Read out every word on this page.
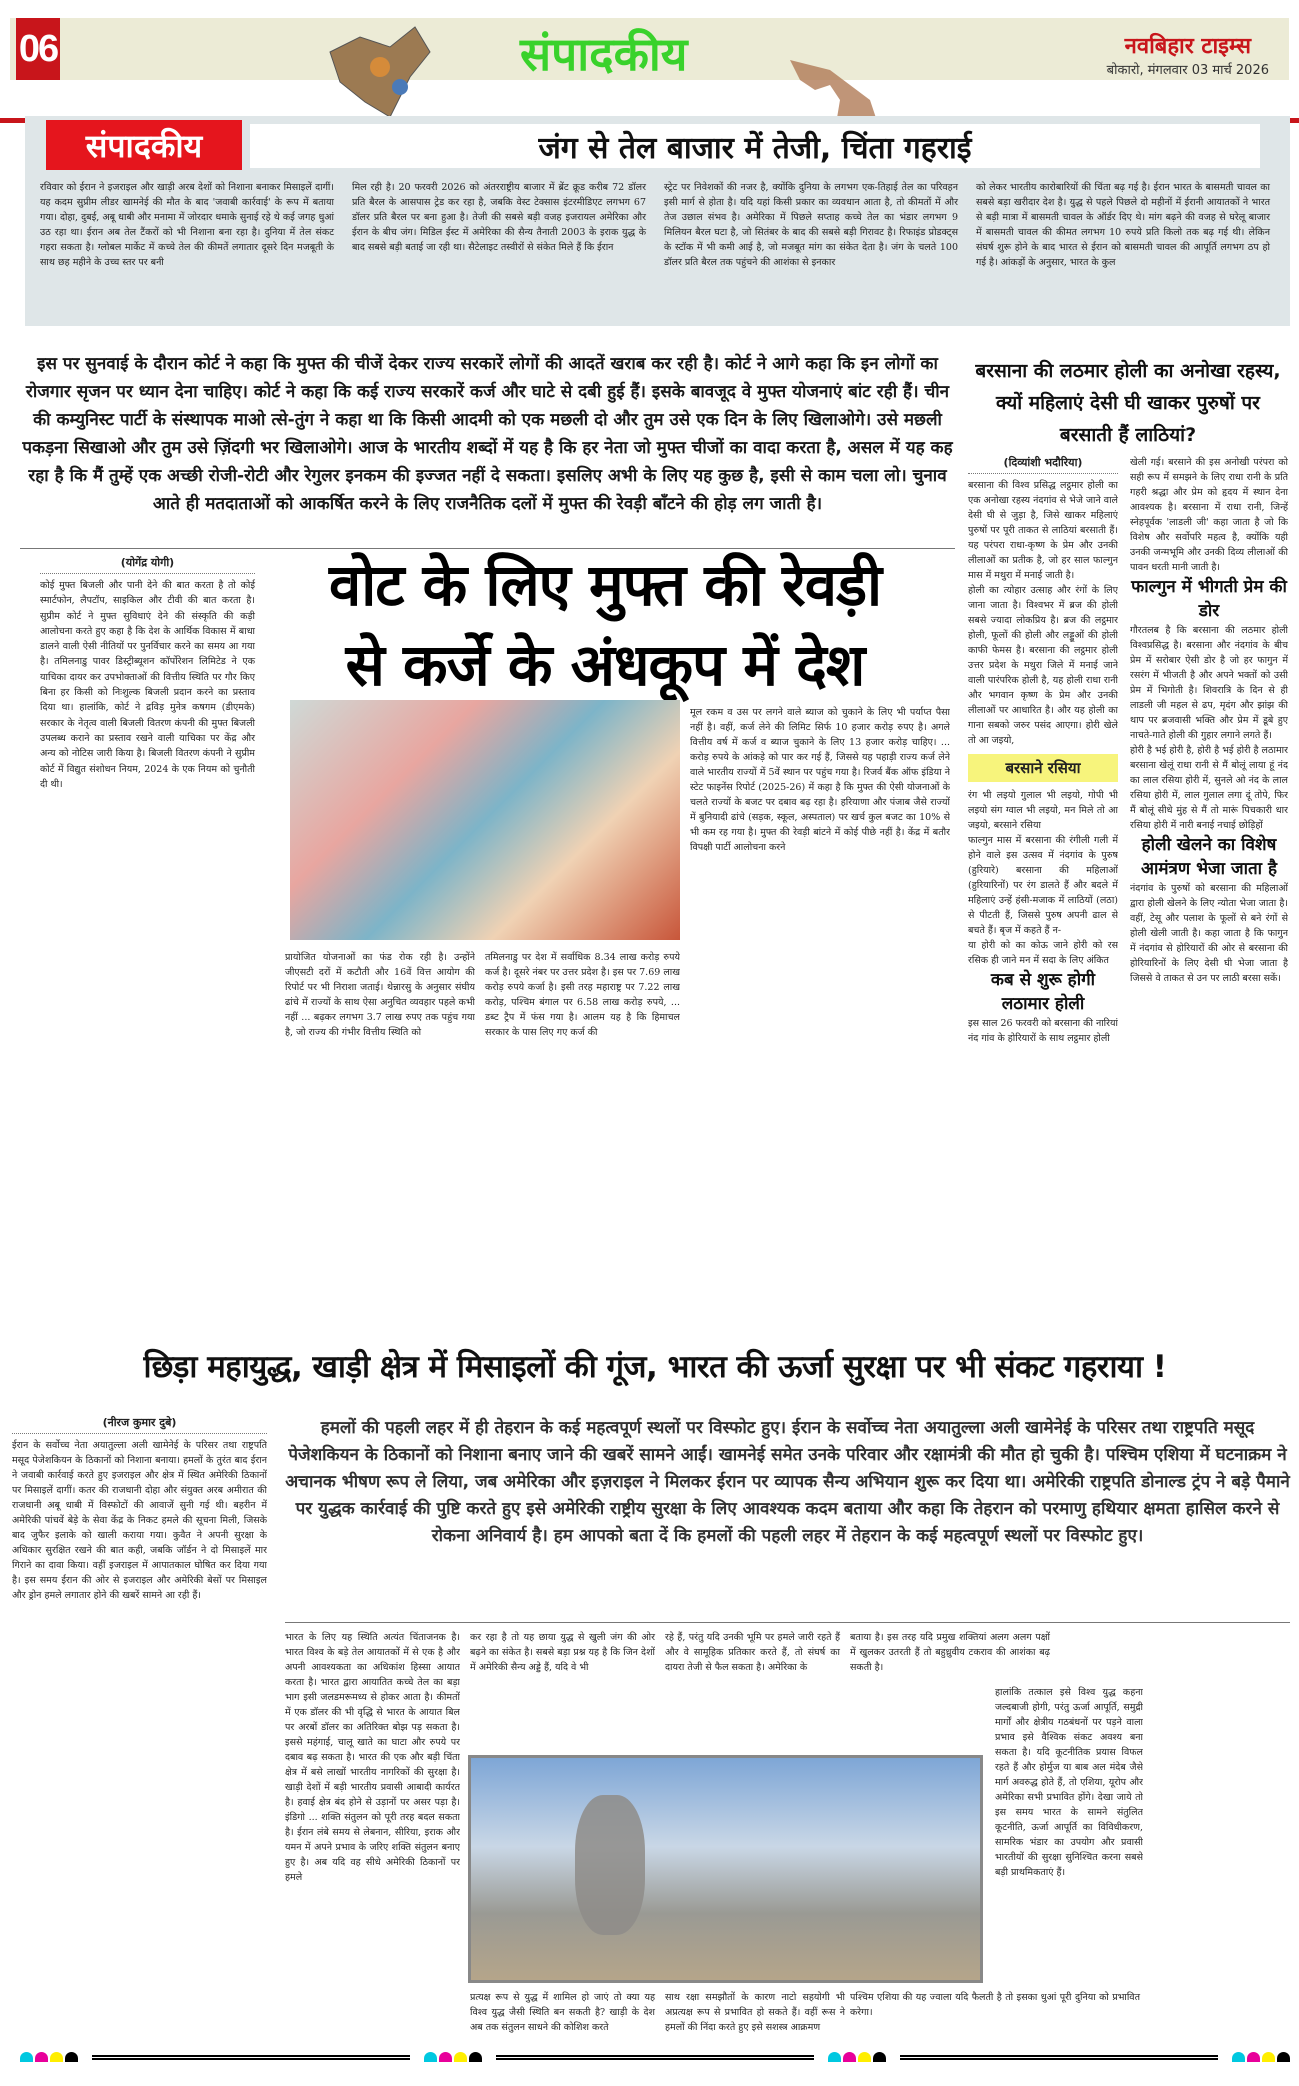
06	संपादकीय	नवबिहार टाइम्स
बोकारो, मंगलवार 03 मार्च 2026
संपादकीय	जंग से तेल बाजार में तेजी, चिंता गहराई
रविवार को ईरान ने इजराइल और खाड़ी अरब देशों को निशाना बनाकर मिसाइलें दागीं। यह कदम सुप्रीम लीडर खामनेई की मौत के बाद 'जवाबी कार्रवाई' के रूप में बताया गया। दोहा, दुबई, अबू धाबी और मनामा में जोरदार धमाके सुनाई रहे थे कई जगह धुआं उठ रहा था। ईरान अब तेल टैंकरों को भी निशाना बना रहा है। दुनिया में तेल संकट गहरा सकता है। ग्लोबल मार्केट में कच्चे तेल की कीमतें लगातार दूसरे दिन मजबूती के साथ छह महीने के उच्च स्तर पर बनी
मिल रही है। 20 फरवरी 2026 को अंतरराष्ट्रीय बाजार में ब्रेंट क्रूड करीब 72 डॉलर प्रति बैरल के आसपास ट्रेड कर रहा है, जबकि वेस्ट टेक्सास इंटरमीडिएट लगभग 67 डॉलर प्रति बैरल पर बना हुआ है। तेजी की सबसे बड़ी वजह इजरायल अमेरिका और ईरान के बीच जंग। मिडिल ईस्ट में अमेरिका की सैन्य तैनाती 2003 के इराक युद्ध के बाद सबसे बड़ी बताई जा रही था। सैटेलाइट तस्वीरों से संकेत मिले हैं कि ईरान
स्ट्रेट पर निवेशकों की नजर है, क्योंकि दुनिया के लगभग एक-तिहाई तेल का परिवहन इसी मार्ग से होता है। यदि यहां किसी प्रकार का व्यवधान आता है, तो कीमतों में और तेज उछाल संभव है। अमेरिका में पिछले सप्ताह कच्चे तेल का भंडार लगभग 9 मिलियन बैरल घटा है, जो सितंबर के बाद की सबसे बड़ी गिरावट है। रिफाइंड प्रोडक्ट्स के स्टॉक में भी कमी आई है, जो मजबूत मांग का संकेत देता है। जंग के चलते 100 डॉलर प्रति बैरल तक पहुंचने की आशंका से इनकार
को लेकर भारतीय कारोबारियों की चिंता बढ़ गई है। ईरान भारत के बासमती चावल का सबसे बड़ा खरीदार देश है। युद्ध से पहले पिछले दो महीनों में ईरानी आयातकों ने भारत से बड़ी मात्रा में बासमती चावल के ऑर्डर दिए थे। मांग बढ़ने की वजह से घरेलू बाजार में बासमती चावल की कीमत लगभग 10 रुपये प्रति किलो तक बढ़ गई थी। लेकिन संघर्ष शुरू होने के बाद भारत से ईरान को बासमती चावल की आपूर्ति लगभग ठप हो गई है। आंकड़ों के अनुसार, भारत के कुल
इस पर सुनवाई के दौरान कोर्ट ने कहा कि मुफ्त की चीजें देकर राज्य सरकारें लोगों की आदतें खराब कर रही है। कोर्ट ने आगे कहा कि इन लोगों का रोजगार सृजन पर ध्यान देना चाहिए। कोर्ट ने कहा कि कई राज्य सरकारें कर्ज और घाटे से दबी हुई हैं। इसके बावजूद वे मुफ्त योजनाएं बांट रही हैं। चीन की कम्युनिस्ट पार्टी के संस्थापक माओ त्से-तुंग ने कहा था कि किसी आदमी को एक मछली दो और तुम उसे एक दिन के लिए खिलाओगे। उसे मछली पकड़ना सिखाओ और तुम उसे ज़िंदगी भर खिलाओगे। आज के भारतीय शब्दों में यह है कि हर नेता जो मुफ्त चीजों का वादा करता है, असल में यह कह रहा है कि मैं तुम्हें एक अच्छी रोजी-रोटी और रेगुलर इनकम की इज्जत नहीं दे सकता। इसलिए अभी के लिए यह कुछ है, इसी से काम चला लो। चुनाव आते ही मतदाताओं को आकर्षित करने के लिए राजनैतिक दलों में मुफ्त की रेवड़ी बाँटने की होड़ लग जाती है।
(योगेंद्र योगी)
कोई मुफ्त बिजली और पानी देने की बात करता है तो कोई स्मार्टफोन, लैपटॉप, साइकिल और टीवी की बात करता है। सुप्रीम कोर्ट ने मुफ्त सुविधाएं देने की संस्कृति की कड़ी आलोचना करते हुए कहा है कि देश के आर्थिक विकास में बाधा डालने वाली ऐसी नीतियों पर पुनर्विचार करने का समय आ गया है। तमिलनाडु पावर डिस्ट्रीब्यूशन कॉर्पोरेशन लिमिटेड ने एक याचिका दायर कर उपभोक्ताओं की वित्तीय स्थिति पर गौर किए बिना हर किसी को निःशुल्क बिजली प्रदान करने का प्रस्ताव दिया था। हालांकि, कोर्ट ने द्रविड़ मुनेत्र कषगम (डीएमके) सरकार के नेतृत्व वाली बिजली वितरण कंपनी की मुफ्त बिजली उपलब्ध कराने का प्रस्ताव रखने वाली याचिका पर केंद्र और अन्य को नोटिस जारी किया है। बिजली वितरण कंपनी ने सुप्रीम कोर्ट में विद्युत संशोधन नियम, 2024 के एक नियम को चुनौती दी थी।
वोट के लिए मुफ्त की रेवड़ी
से कर्जे के अंधकूप में देश
मूल रकम व उस पर लगने वाले ब्याज को चुकाने के लिए भी पर्याप्त पैसा नहीं है। वहीं, कर्ज लेने की लिमिट सिर्फ 10 हजार करोड़ रुपए है। अगले वित्तीय वर्ष में कर्ज व ब्याज चुकाने के लिए 13 हजार करोड़ चाहिए। ... करोड़ रुपये के आंकड़े को पार कर गई हैं, जिससे यह पहाड़ी राज्य कर्ज लेने वाले भारतीय राज्यों में 5वें स्थान पर पहुंच गया है। रिजर्व बैंक ऑफ इंडिया ने स्टेट फाइनेंस रिपोर्ट (2025-26) में कहा है कि मुफ्त की ऐसी योजनाओं के चलते राज्यों के बजट पर दबाव बढ़ रहा है। हरियाणा और पंजाब जैसे राज्यों में बुनियादी ढांचे (सड़क, स्कूल, अस्पताल) पर खर्च कुल बजट का 10% से भी कम रह गया है। मुफ्त की रेवड़ी बांटने में कोई पीछे नहीं है। केंद्र में बतौर विपक्षी पार्टी आलोचना करने
प्रायोजित योजनाओं का फंड रोक रही है। उन्होंने जीएसटी दरों में कटौती और 16वें वित्त आयोग की रिपोर्ट पर भी निराशा जताई। थेन्नारसु के अनुसार संघीय ढांचे में राज्यों के साथ ऐसा अनुचित व्यवहार पहले कभी नहीं ... बढ़कर लगभग 3.7 लाख रुपए तक पहुंच गया है, जो राज्य की गंभीर वित्तीय स्थिति को
तमिलनाडु पर देश में सर्वाधिक 8.34 लाख करोड़ रुपये कर्ज है। दूसरे नंबर पर उत्तर प्रदेश है। इस पर 7.69 लाख करोड़ रुपये कर्जा है। इसी तरह महाराष्ट्र पर 7.22 लाख करोड़, पश्चिम बंगाल पर 6.58 लाख करोड़ रुपये, ... डब्ट ट्रैप में फंस गया है। आलम यह है कि हिमाचल सरकार के पास लिए गए कर्ज की
बरसाना की लठमार होली का अनोखा रहस्य, क्यों महिलाएं देसी घी खाकर पुरुषों पर बरसाती हैं लाठियां?
(दिव्यांशी भदौरिया)
बरसाना की विश्व प्रसिद्ध लट्ठमार होली का एक अनोखा रहस्य नंदगांव से भेजे जाने वाले देसी घी से जुड़ा है, जिसे खाकर महिलाएं पुरुषों पर पूरी ताकत से लाठियां बरसाती हैं। यह परंपरा राधा-कृष्ण के प्रेम और उनकी लीलाओं का प्रतीक है, जो हर साल फाल्गुन मास में मथुरा में मनाई जाती है।
होली का त्योहार उत्साह और रंगों के लिए जाना जाता है। विश्वभर में ब्रज की होली सबसे ज्यादा लोकप्रिय है। ब्रज की लट्ठमार होली, फूलों की होली और लड्डूओं की होली काफी फेमस है। बरसाना की लट्ठमार होली उत्तर प्रदेश के मथुरा जिले में मनाई जाने वाली पारंपरिक होली है, यह होली राधा रानी और भगवान कृष्ण के प्रेम और उनकी लीलाओं पर आधारित है। और यह होली का गाना सबको जरुर पसंद आएगा। होरी खेले तो आ जइयो,
बरसाने रसिया
रंग भी लइयो गुलाल भी लइयो, गोपी भी लइयो संग ग्वाल भी लइयो, मन मिले तो आ जइयो, बरसाने रसिया
फाल्गुन मास में बरसाना की रंगीली गली में होने वाले इस उत्सव में नंदगांव के पुरुष (हुरियारे) बरसाना की महिलाओं (हुरियारिनों) पर रंग डालते हैं और बदले में महिलाएं उन्हें हंसी-मजाक में लाठियों (लठा) से पीटती हैं, जिससे पुरुष अपनी ढाल से बचते हैं। बृज में कहते हैं न-
या होरी को का कोऊ जाने होरी को रस रसिक ही जाने मन में सदा के लिए अंकित
कब से शुरू होगी लठामार होली
इस साल 26 फरवरी को बरसाना की नारियां नंद गांव के होरियारों के साथ लट्ठमार होली
खेली गई। बरसाने की इस अनोखी परंपरा को सही रूप में समझने के लिए राधा रानी के प्रति गहरी श्रद्धा और प्रेम को हृदय में स्थान देना आवश्यक है। बरसाना में राधा रानी, जिन्हें स्नेहपूर्वक 'लाडली जी' कहा जाता है जो कि विशेष और सर्वोपरि महत्व है, क्योंकि यही उनकी जन्मभूमि और उनकी दिव्य लीलाओं की पावन धरती मानी जाती है।
फाल्गुन में भीगती प्रेम की डोर
गौरतलब है कि बरसाना की लठमार होली विश्वप्रसिद्ध है। बरसाना और नंदगांव के बीच प्रेम में सरोबार ऐसी डोर है जो हर फागुन में रसरंग में भीजती है और अपने भक्तों को उसी प्रेम में भिगोती है। शिवरात्रि के दिन से ही लाडली जी महल से ढप, मृदंग और झांझ की थाप पर ब्रजवासी भक्ति और प्रेम में डूबे हुए नाचते-गाते होली की गुहार लगाने लगते हैं।
होरी है भई होरी है, होरी है भई होरी है लठामार बरसाना खेलूं राधा रानी से मैं बोलूं लाया हूं नंद का लाल रसिया होरी में, सुनले ओ नंद के लाल रसिया होरी में, लाल गुलाल लगा दूं तोपे, फिर मैं बोलूं सीधे मुंह से मैं तो मारूं पिचकारी धार रसिया होरी में नारी बनाई नचाई छोड़िहों
होली खेलने का विशेष आमंत्रण भेजा जाता है
नंदगांव के पुरुषों को बरसाना की महिलाओं द्वारा होली खेलने के लिए न्योता भेजा जाता है। वहीं, टेसू और पलाश के फूलों से बने रंगों से होली खेली जाती है। कहा जाता है कि फागुन में नंदगांव से होरियारों की ओर से बरसाना की होरियारिनों के लिए देसी घी भेजा जाता है जिससे वे ताकत से उन पर लाठी बरसा सकें।
छिड़ा महायुद्ध, खाड़ी क्षेत्र में मिसाइलों की गूंज, भारत की ऊर्जा सुरक्षा पर भी संकट गहराया !
(नीरज कुमार दुबे)
ईरान के सर्वोच्च नेता अयातुल्ला अली खामेनेई के परिसर तथा राष्ट्रपति मसूद पेजेशकियन के ठिकानों को निशाना बनाया। हमलों के तुरंत बाद ईरान ने जवाबी कार्रवाई करते हुए इजराइल और क्षेत्र में स्थित अमेरिकी ठिकानों पर मिसाइलें दागीं। कतर की राजधानी दोहा और संयुक्त अरब अमीरात की राजधानी अबू धाबी में विस्फोटों की आवाजें सुनी गई थी। बहरीन में अमेरिकी पांचवें बेड़े के सेवा केंद्र के निकट हमले की सूचना मिली, जिसके बाद जुफैर इलाके को खाली कराया गया। कुवैत ने अपनी सुरक्षा के अधिकार सुरक्षित रखने की बात कही, जबकि जॉर्डन ने दो मिसाइलें मार गिराने का दावा किया। वहीं इजराइल में आपातकाल घोषित कर दिया गया है। इस समय ईरान की ओर से इजराइल और अमेरिकी बेसों पर मिसाइल और ड्रोन हमले लगातार होने की खबरें सामने आ रही हैं।
हमलों की पहली लहर में ही तेहरान के कई महत्वपूर्ण स्थलों पर विस्फोट हुए। ईरान के सर्वोच्च नेता अयातुल्ला अली खामेनेई के परिसर तथा राष्ट्रपति मसूद पेजेशकियन के ठिकानों को निशाना बनाए जाने की खबरें सामने आईं। खामनेई समेत उनके परिवार और रक्षामंत्री की मौत हो चुकी है। पश्चिम एशिया में घटनाक्रम ने अचानक भीषण रूप ले लिया, जब अमेरिका और इज़राइल ने मिलकर ईरान पर व्यापक सैन्य अभियान शुरू कर दिया था। अमेरिकी राष्ट्रपति डोनाल्ड ट्रंप ने बड़े पैमाने पर युद्धक कार्रवाई की पुष्टि करते हुए इसे अमेरिकी राष्ट्रीय सुरक्षा के लिए आवश्यक कदम बताया और कहा कि तेहरान को परमाणु हथियार क्षमता हासिल करने से रोकना अनिवार्य है। हम आपको बता दें कि हमलों की पहली लहर में तेहरान के कई महत्वपूर्ण स्थलों पर विस्फोट हुए।
भारत के लिए यह स्थिति अत्यंत चिंताजनक है। भारत विश्व के बड़े तेल आयातकों में से एक है और अपनी आवश्यकता का अधिकांश हिस्सा आयात करता है। भारत द्वारा आयातित कच्चे तेल का बड़ा भाग इसी जलडमरूमध्य से होकर आता है। कीमतों में एक डॉलर की भी वृद्धि से भारत के आयात बिल पर अरबों डॉलर का अतिरिक्त बोझ पड़ सकता है। इससे महंगाई, चालू खाते का घाटा और रुपये पर दबाव बढ़ सकता है। भारत की एक और बड़ी चिंता क्षेत्र में बसे लाखों भारतीय नागरिकों की सुरक्षा है। खाड़ी देशों में बड़ी भारतीय प्रवासी आबादी कार्यरत है। हवाई क्षेत्र बंद होने से उड़ानों पर असर पड़ा है। इंडिगो ... शक्ति संतुलन को पूरी तरह बदल सकता है। ईरान लंबे समय से लेबनान, सीरिया, इराक और यमन में अपने प्रभाव के जरिए शक्ति संतुलन बनाए हुए है। अब यदि वह सीधे अमेरिकी ठिकानों पर हमले
कर रहा है तो यह छाया युद्ध से खुली जंग की ओर बढ़ने का संकेत है। सबसे बड़ा प्रश्न यह है कि जिन देशों में अमेरिकी सैन्य अड्डे हैं, यदि वे भी
रहे हैं, परंतु यदि उनकी भूमि पर हमले जारी रहते हैं और वे सामूहिक प्रतिकार करते हैं, तो संघर्ष का दायरा तेजी से फैल सकता है। अमेरिका के
बताया है। इस तरह यदि प्रमुख शक्तियां अलग अलग पक्षों में खुलकर उतरती हैं तो बहुध्रुवीय टकराव की आशंका बढ़ सकती है।
हालांकि तत्काल इसे विश्व युद्ध कहना जल्दबाजी होगी, परंतु ऊर्जा आपूर्ति, समुद्री मार्गों और क्षेत्रीय गठबंधनों पर पड़ने वाला प्रभाव इसे वैश्विक संकट अवश्य बना सकता है। यदि कूटनीतिक प्रयास विफल रहते हैं और होर्मुज या बाब अल मंदेब जैसे मार्ग अवरुद्ध होते हैं, तो एशिया, यूरोप और अमेरिका सभी प्रभावित होंगे। देखा जाये तो इस समय भारत के सामने संतुलित कूटनीति, ऊर्जा आपूर्ति का विविधीकरण, सामरिक भंडार का उपयोग और प्रवासी भारतीयों की सुरक्षा सुनिश्चित करना सबसे बड़ी प्राथमिकताएं हैं।
प्रत्यक्ष रूप से युद्ध में शामिल हो जाएं तो क्या यह विश्व युद्ध जैसी स्थिति बन सकती है? खाड़ी के देश अब तक संतुलन साधने की कोशिश करते
साथ रक्षा समझौतों के कारण नाटो सहयोगी भी अप्रत्यक्ष रूप से प्रभावित हो सकते हैं। वहीं रूस ने हमलों की निंदा करते हुए इसे सशस्त्र आक्रमण
पश्चिम एशिया की यह ज्वाला यदि फैलती है तो इसका धुआं पूरी दुनिया को प्रभावित करेगा।
